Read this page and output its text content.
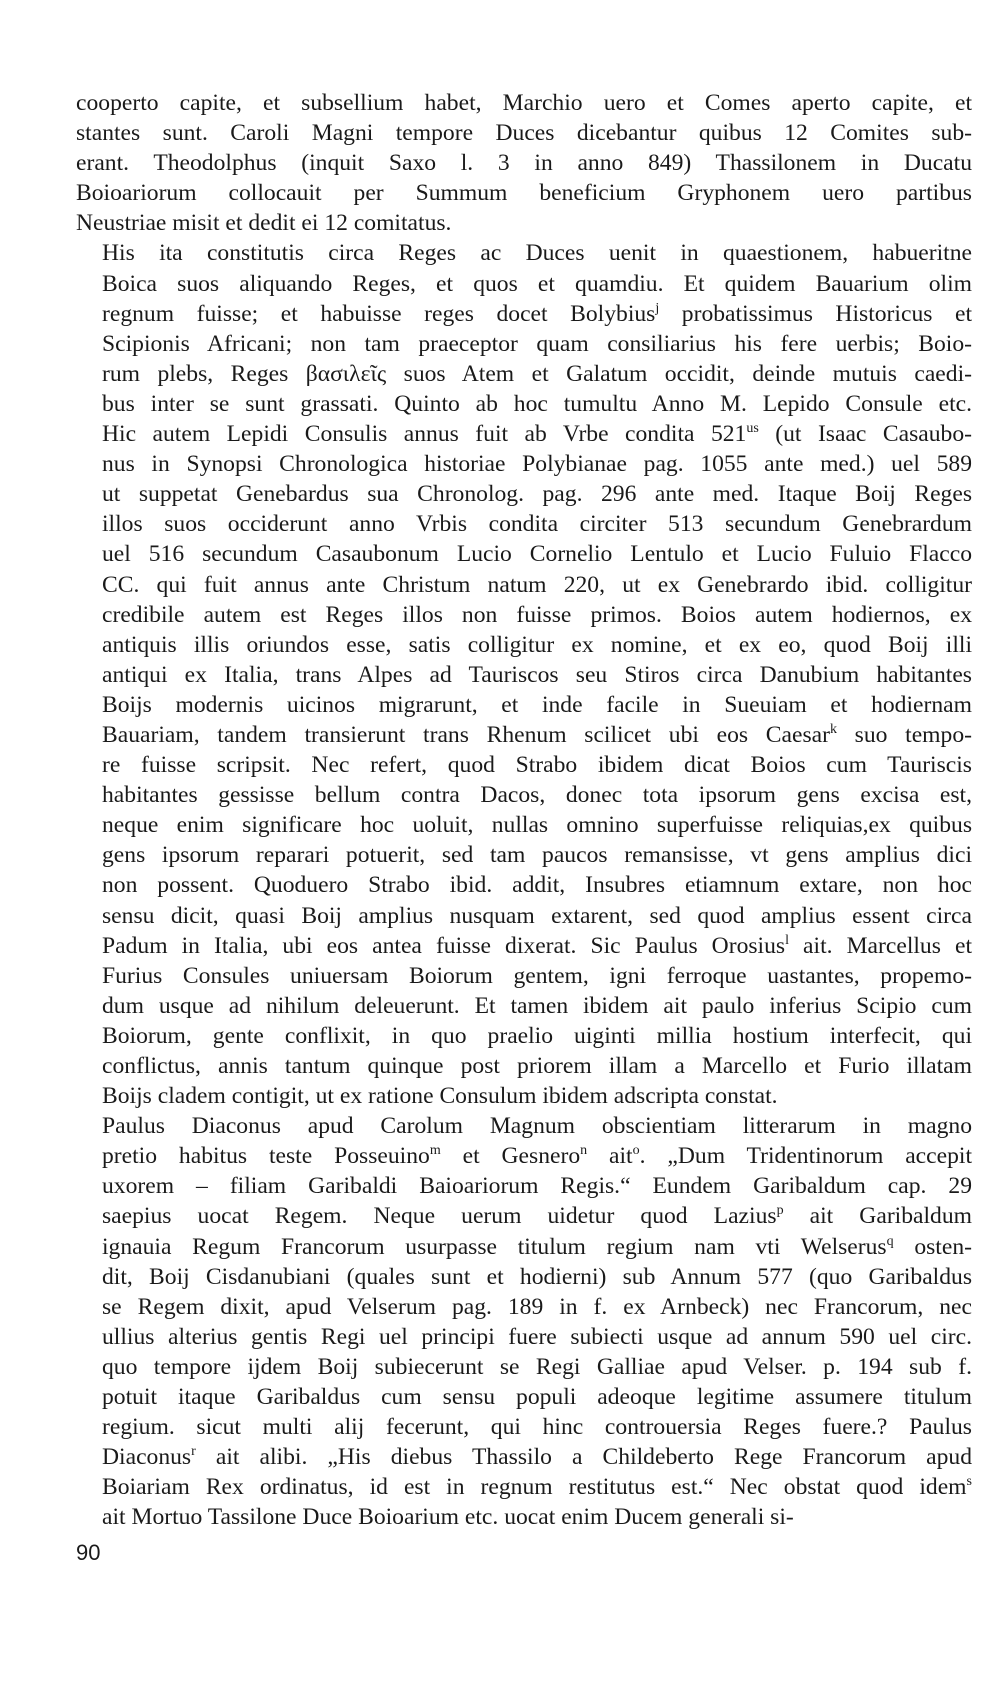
cooperto capite, et subsellium habet, Marchio uero et Comes aperto capite, et
stantes sunt. Caroli Magni tempore Duces dicebantur quibus 12 Comites sub-
erant. Theodolphus (inquit Saxo l. 3 in anno 849) Thassilonem in Ducatu
Boioariorum collocauit per Summum beneficium Gryphonem uero partibus
Neustriae misit et dedit ei 12 comitatus.

His ita constitutis circa Reges ac Duces uenit in quaestionem, habueritne
Boica suos aliquando Reges, et quos et quamdiu. Et quidem Bauarium olim
regnum fuisse; et habuisse reges docet Bolybius$^j$ probatissimus Historicus et
Scipionis Africani; non tam praeceptor quam consiliarius his fere uerbis; Boio-
rum plebs, Reges βασιλεῖς suos Atem et Galatum occidit, deinde mutuis caedi-
bus inter se sunt grassati. Quinto ab hoc tumultu Anno M. Lepido Consule etc.
Hic autem Lepidi Consulis annus fuit ab Vrbe condita $521^{us}$ (ut Isaac Casaubo-
nus in Synopsi Chronologica historiae Polybianae pag. 1055 ante med.) uel 589
ut suppetat Genebardus sua Chronolog. pag. 296 ante med. Itaque Boij Reges
illos suos occiderunt anno Vrbis condita circiter 513 secundum Genebrardum
uel 516 secundum Casaubonum Lucio Cornelio Lentulo et Lucio Fuluio Flacco
CC. qui fuit annus ante Christum natum 220, ut ex Genebrardo ibid. colligitur
credibile autem est Reges illos non fuisse primos. Boios autem hodiernos, ex
antiquis illis oriundos esse, satis colligitur ex nomine, et ex eo, quod Boij illi
antiqui ex Italia, trans Alpes ad Tauriscos seu Stiros circa Danubium habitantes
Boijs modernis uicinos migrarunt, et inde facile in Sueuiam et hodiernam
Bauariam, tandem transierunt trans Rhenum scilicet ubi eos Caesar$^k$ suo tempo-
re fuisse scripsit. Nec refert, quod Strabo ibidem dicat Boios cum Tauriscis
habitantes gessisse bellum contra Dacos, donec tota ipsorum gens excisa est,
neque enim significare hoc uoluit, nullas omnino superfuisse reliquias,ex quibus
gens ipsorum reparari potuerit, sed tam paucos remansisse, vt gens amplius dici
non possent. Quoduero Strabo ibid. addit, Insubres etiamnum extare, non hoc
sensu dicit, quasi Boij amplius nusquam extarent, sed quod amplius essent circa
Padum in Italia, ubi eos antea fuisse dixerat. Sic Paulus Orosius$^l$ ait. Marcellus et
Furius Consules uniuersam Boiorum gentem, igni ferroque uastantes, propemo-
dum usque ad nihilum deleuerunt. Et tamen ibidem ait paulo inferius Scipio cum
Boiorum, gente conflixit, in quo praelio uiginti millia hostium interfecit, qui
conflictus, annis tantum quinque post priorem illam a Marcello et Furio illatam
Boijs cladem contigit, ut ex ratione Consulum ibidem adscripta constat.

Paulus Diaconus apud Carolum Magnum obscientiam litterarum in magno
pretio habitus teste Posseuino$^m$ et Gesnero$^n$ ait$^o$. „Dum Tridentinorum accepit
uxorem – filiam Garibaldi Baioariorum Regis.“ Eundem Garibaldum cap. 29
saepius uocat Regem. Neque uerum uidetur quod Lazius$^p$ ait Garibaldum
ignauia Regum Francorum usurpasse titulum regium nam vti Welserus$^q$ osten-
dit, Boij Cisdanubiani (quales sunt et hodierni) sub Annum 577 (quo Garibaldus
se Regem dixit, apud Velserum pag. 189 in f. ex Arnbeck) nec Francorum, nec
ullius alterius gentis Regi uel principi fuere subiecti usque ad annum 590 uel circ.
quo tempore ijdem Boij subiecerunt se Regi Galliae apud Velser. p. 194 sub f.
potuit itaque Garibaldus cum sensu populi adeoque legitime assumere titulum
regium. sicut multi alij fecerunt, qui hinc controuersia Reges fuere.? Paulus
Diaconus$^r$ ait alibi. „His diebus Thassilo a Childeberto Rege Francorum apud
Boiariam Rex ordinatus, id est in regnum restitutus est.“ Nec obstat quod idem$^s$
ait Mortuo Tassilone Duce Boioarium etc. uocat enim Ducem generali si-

90
